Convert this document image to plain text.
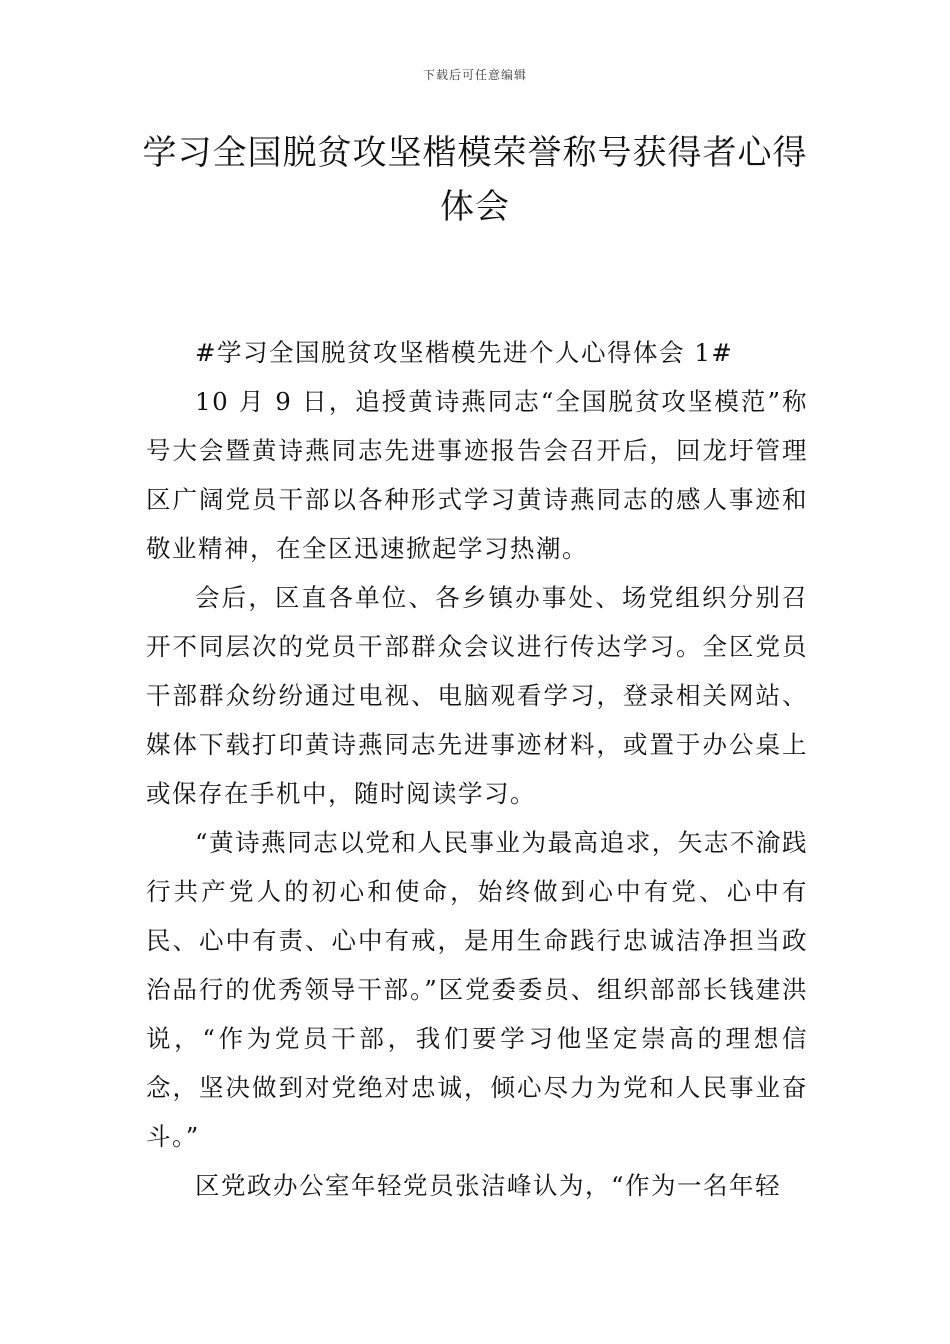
下载后可任意编辑
学习全国脱贫攻坚楷模荣誉称号获得者心得体会

#学习全国脱贫攻坚楷模先进个人心得体会 1#

10 月 9 日，追授黄诗燕同志“全国脱贫攻坚模范”称号大会暨黄诗燕同志先进事迹报告会召开后，回龙圩管理区广阔党员干部以各种形式学习黄诗燕同志的感人事迹和敬业精神，在全区迅速掀起学习热潮。

会后，区直各单位、各乡镇办事处、场党组织分别召开不同层次的党员干部群众会议进行传达学习。全区党员干部群众纷纷通过电视、电脑观看学习，登录相关网站、媒体下载打印黄诗燕同志先进事迹材料，或置于办公桌上或保存在手机中，随时阅读学习。

“黄诗燕同志以党和人民事业为最高追求，矢志不渝践行共产党人的初心和使命，始终做到心中有党、心中有民、心中有责、心中有戒，是用生命践行忠诚洁净担当政治品行的优秀领导干部。”区党委委员、组织部部长钱建洪说，“作为党员干部，我们要学习他坚定崇高的理想信念，坚决做到对党绝对忠诚，倾心尽力为党和人民事业奋斗。”

区党政办公室年轻党员张洁峰认为，“作为一名年轻
